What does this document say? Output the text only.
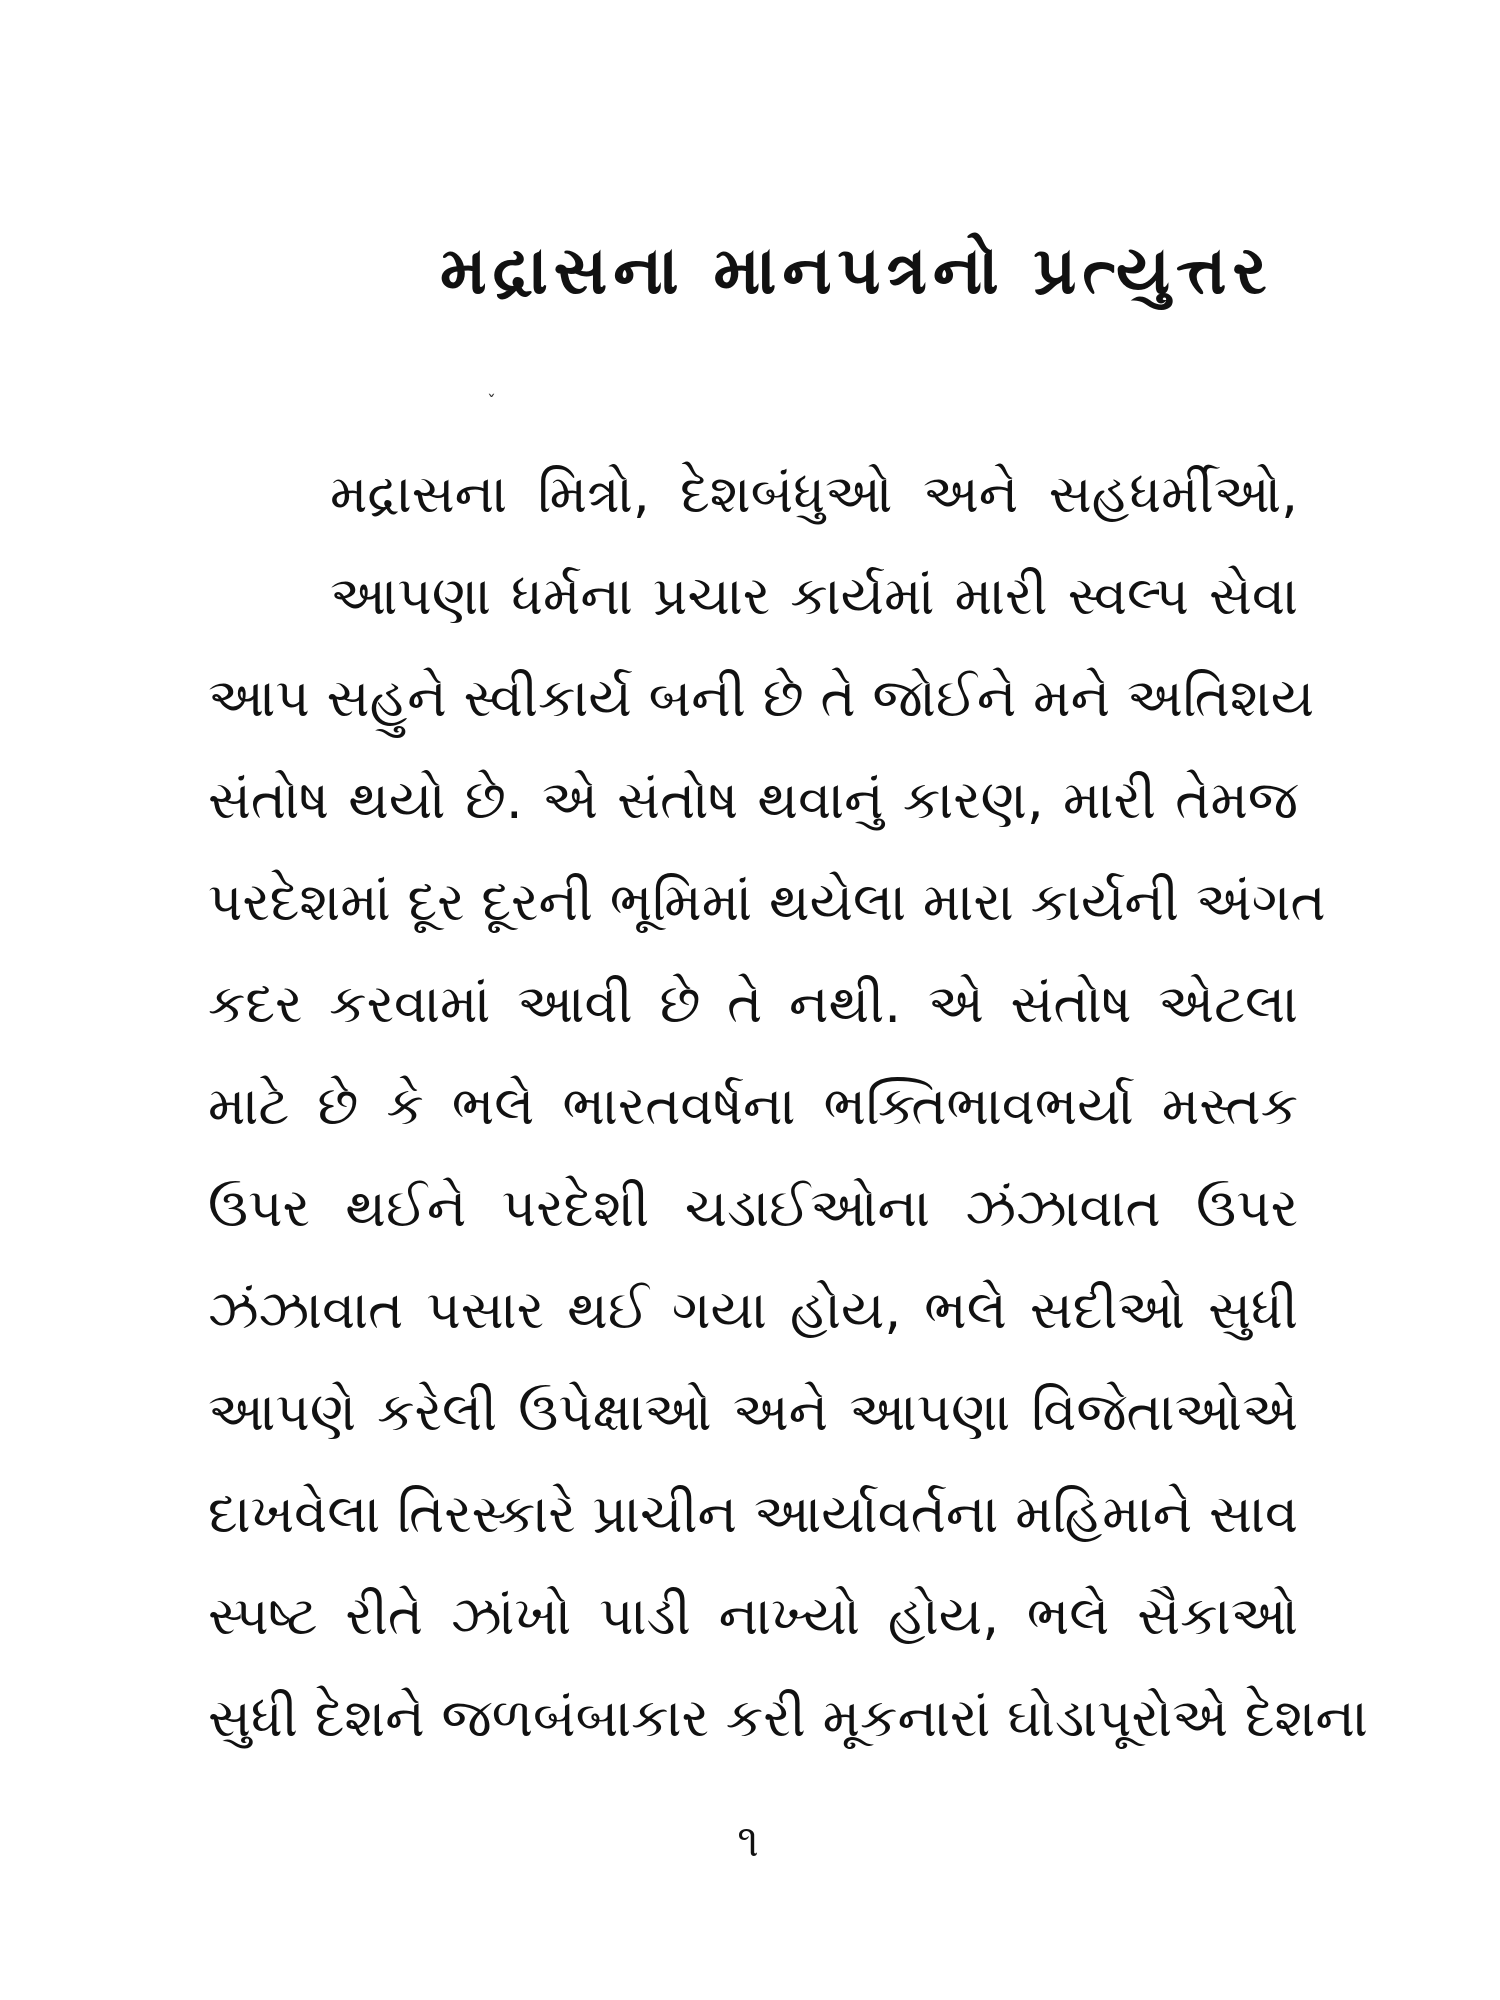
મદ્રાસના માનપત્રનો પ્રત્યુત્તર
ˇ
મદ્રાસના મિત્રો, દેશબંધુઓ અને સહધર્મીઓ,
આપણા ધર્મના પ્રચાર કાર્યમાં મારી સ્વલ્પ સેવા
આપ સહુને સ્વીકાર્ય બની છે તે જોઈને મને અતિશય
સંતોષ થયો છે. એ સંતોષ થવાનું કારણ, મારી તેમજ
પરદેશમાં દૂર દૂરની ભૂમિમાં થયેલા મારા કાર્યની અંગત
કદર કરવામાં આવી છે તે નથી. એ સંતોષ એટલા
માટે છે કે ભલે ભારતવર્ષના ભક્તિભાવભર્યા મસ્તક
ઉપર થઈને પરદેશી ચડાઈઓના ઝંઝાવાત ઉપર
ઝંઝાવાત પસાર થઈ ગયા હોય, ભલે સદીઓ સુધી
આપણે કરેલી ઉપેક્ષાઓ અને આપણા વિજેતાઓએ
દાખવેલા તિરસ્કારે પ્રાચીન આર્યાવર્તના મહિમાને સાવ
સ્પષ્ટ રીતે ઝાંખો પાડી નાખ્યો હોય, ભલે સૈકાઓ
સુધી દેશને જળબંબાકાર કરી મૂકનારાં ઘોડાપૂરોએ દેશના
૧
